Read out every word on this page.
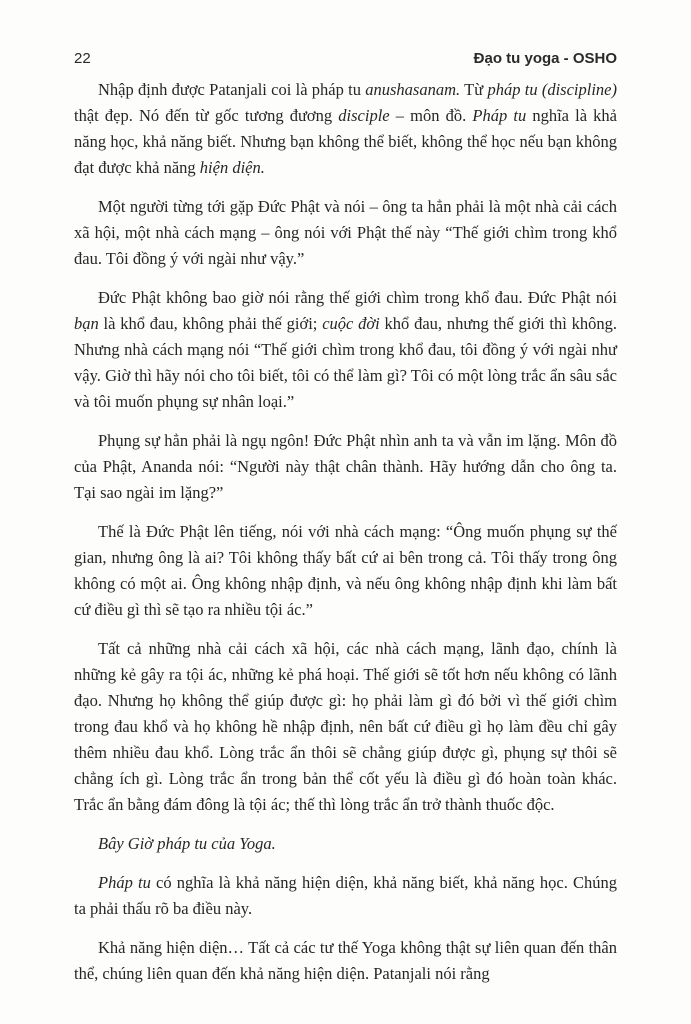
22	Đạo tu yoga - OSHO

Nhập định được Patanjali coi là pháp tu anushasanam. Từ pháp tu (discipline) thật đẹp. Nó đến từ gốc tương đương disciple – môn đồ. Pháp tu nghĩa là khả năng học, khả năng biết. Nhưng bạn không thể biết, không thể học nếu bạn không đạt được khả năng hiện diện.

Một người từng tới gặp Đức Phật và nói – ông ta hẳn phải là một nhà cải cách xã hội, một nhà cách mạng – ông nói với Phật thế này “Thế giới chìm trong khổ đau. Tôi đồng ý với ngài như vậy.”

Đức Phật không bao giờ nói rằng thế giới chìm trong khổ đau. Đức Phật nói bạn là khổ đau, không phải thế giới; cuộc đời khổ đau, nhưng thế giới thì không. Nhưng nhà cách mạng nói “Thế giới chìm trong khổ đau, tôi đồng ý với ngài như vậy. Giờ thì hãy nói cho tôi biết, tôi có thể làm gì? Tôi có một lòng trắc ẩn sâu sắc và tôi muốn phụng sự nhân loại.”

Phụng sự hẳn phải là ngụ ngôn! Đức Phật nhìn anh ta và vẫn im lặng. Môn đồ của Phật, Ananda nói: “Người này thật chân thành. Hãy hướng dẫn cho ông ta. Tại sao ngài im lặng?”

Thế là Đức Phật lên tiếng, nói với nhà cách mạng: “Ông muốn phụng sự thế gian, nhưng ông là ai? Tôi không thấy bất cứ ai bên trong cả. Tôi thấy trong ông không có một ai. Ông không nhập định, và nếu ông không nhập định khi làm bất cứ điều gì thì sẽ tạo ra nhiều tội ác.”

Tất cả những nhà cải cách xã hội, các nhà cách mạng, lãnh đạo, chính là những kẻ gây ra tội ác, những kẻ phá hoại. Thế giới sẽ tốt hơn nếu không có lãnh đạo. Nhưng họ không thể giúp được gì: họ phải làm gì đó bởi vì thế giới chìm trong đau khổ và họ không hề nhập định, nên bất cứ điều gì họ làm đều chỉ gây thêm nhiều đau khổ. Lòng trắc ẩn thôi sẽ chẳng giúp được gì, phụng sự thôi sẽ chẳng ích gì. Lòng trắc ẩn trong bản thể cốt yếu là điều gì đó hoàn toàn khác. Trắc ẩn bằng đám đông là tội ác; thế thì lòng trắc ẩn trở thành thuốc độc.

Bây Giờ pháp tu của Yoga.

Pháp tu có nghĩa là khả năng hiện diện, khả năng biết, khả năng học. Chúng ta phải thấu rõ ba điều này.

Khả năng hiện diện… Tất cả các tư thế Yoga không thật sự liên quan đến thân thể, chúng liên quan đến khả năng hiện diện. Patanjali nói rằng
